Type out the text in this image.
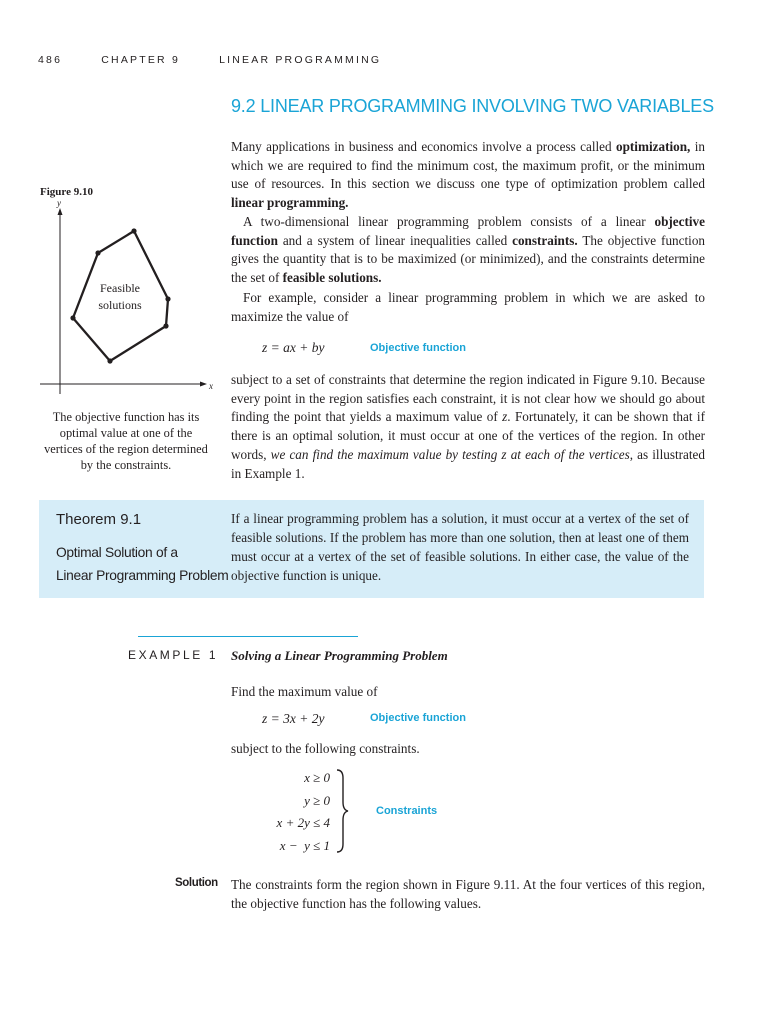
486	CHAPTER 9	LINEAR PROGRAMMING
9.2 LINEAR PROGRAMMING INVOLVING TWO VARIABLES

Many applications in business and economics involve a process called optimization, in which we are required to find the minimum cost, the maximum profit, or the minimum use of resources. In this section we discuss one type of optimization problem called linear programming.

A two-dimensional linear programming problem consists of a linear objective function and a system of linear inequalities called constraints. The objective function gives the quantity that is to be maximized (or minimized), and the constraints determine the set of feasible solutions.

For example, consider a linear programming problem in which we are asked to maximize the value of

z = ax + by	Objective function

subject to a set of constraints that determine the region indicated in Figure 9.10. Because every point in the region satisfies each constraint, it is not clear how we should go about finding the point that yields a maximum value of z. Fortunately, it can be shown that if there is an optimal solution, it must occur at one of the vertices of the region. In other words, we can find the maximum value by testing z at each of the vertices, as illustrated in Example 1.

Figure 9.10
y
x
Feasible
solutions
The objective function has its optimal value at one of the vertices of the region determined by the constraints.
Theorem 9.1
Optimal Solution of a
Linear Programming Problem

If a linear programming problem has a solution, it must occur at a vertex of the set of feasible solutions. If the problem has more than one solution, then at least one of them must occur at a vertex of the set of feasible solutions. In either case, the value of the objective function is unique.

EXAMPLE 1 Solving a Linear Programming Problem
Find the maximum value of
z = 3x + 2y	Objective function
subject to the following constraints.
x ≥ 0
y ≥ 0
x + 2y ≤ 4
x −  y ≤ 1
Constraints
Solution The constraints form the region shown in Figure 9.11. At the four vertices of this region, the objective function has the following values.
